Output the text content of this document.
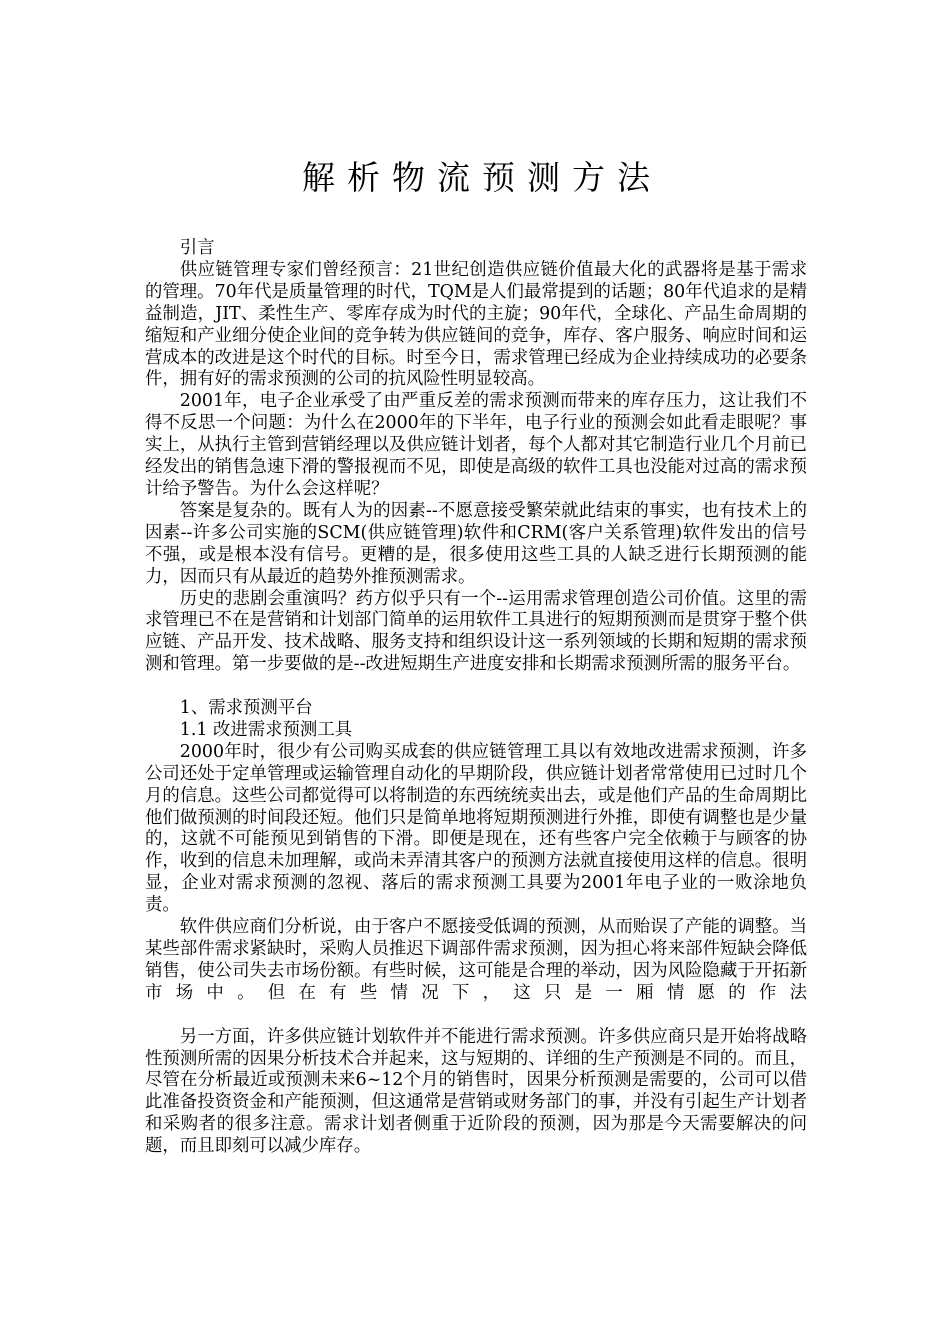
解析物流预测方法

引言

供应链管理专家们曾经预言：21世纪创造供应链价值最大化的武器将是基于需求的管理。70年代是质量管理的时代，TQM是人们最常提到的话题；80年代追求的是精益制造，JIT、柔性生产、零库存成为时代的主旋；90年代，全球化、产品生命周期的缩短和产业细分使企业间的竞争转为供应链间的竞争，库存、客户服务、响应时间和运营成本的改进是这个时代的目标。时至今日，需求管理已经成为企业持续成功的必要条件，拥有好的需求预测的公司的抗风险性明显较高。

2001年，电子企业承受了由严重反差的需求预测而带来的库存压力，这让我们不得不反思一个问题：为什么在2000年的下半年，电子行业的预测会如此看走眼呢？事实上，从执行主管到营销经理以及供应链计划者，每个人都对其它制造行业几个月前已经发出的销售急速下滑的警报视而不见，即使是高级的软件工具也没能对过高的需求预计给予警告。为什么会这样呢？

答案是复杂的。既有人为的因素--不愿意接受繁荣就此结束的事实，也有技术上的因素--许多公司实施的SCM(供应链管理)软件和CRM(客户关系管理)软件发出的信号不强，或是根本没有信号。更糟的是，很多使用这些工具的人缺乏进行长期预测的能力，因而只有从最近的趋势外推预测需求。

历史的悲剧会重演吗？药方似乎只有一个--运用需求管理创造公司价值。这里的需求管理已不在是营销和计划部门简单的运用软件工具进行的短期预测而是贯穿于整个供应链、产品开发、技术战略、服务支持和组织设计这一系列领域的长期和短期的需求预测和管理。第一步要做的是--改进短期生产进度安排和长期需求预测所需的服务平台。

1、需求预测平台

1.1 改进需求预测工具

2000年时，很少有公司购买成套的供应链管理工具以有效地改进需求预测，许多公司还处于定单管理或运输管理自动化的早期阶段，供应链计划者常常使用已过时几个月的信息。这些公司都觉得可以将制造的东西统统卖出去，或是他们产品的生命周期比他们做预测的时间段还短。他们只是简单地将短期预测进行外推，即使有调整也是少量的，这就不可能预见到销售的下滑。即便是现在，还有些客户完全依赖于与顾客的协作，收到的信息未加理解，或尚未弄清其客户的预测方法就直接使用这样的信息。很明显，企业对需求预测的忽视、落后的需求预测工具要为2001年电子业的一败涂地负责。

软件供应商们分析说，由于客户不愿接受低调的预测，从而贻误了产能的调整。当某些部件需求紧缺时，采购人员推迟下调部件需求预测，因为担心将来部件短缺会降低销售，使公司失去市场份额。有些时候，这可能是合理的举动，因为风险隐藏于开拓新市场中。但在有些情况下，这只是一厢情愿的作法

另一方面，许多供应链计划软件并不能进行需求预测。许多供应商只是开始将战略性预测所需的因果分析技术合并起来，这与短期的、详细的生产预测是不同的。而且，尽管在分析最近或预测未来6~12个月的销售时，因果分析预测是需要的，公司可以借此准备投资资金和产能预测，但这通常是营销或财务部门的事，并没有引起生产计划者和采购者的很多注意。需求计划者侧重于近阶段的预测，因为那是今天需要解决的问题，而且即刻可以减少库存。
